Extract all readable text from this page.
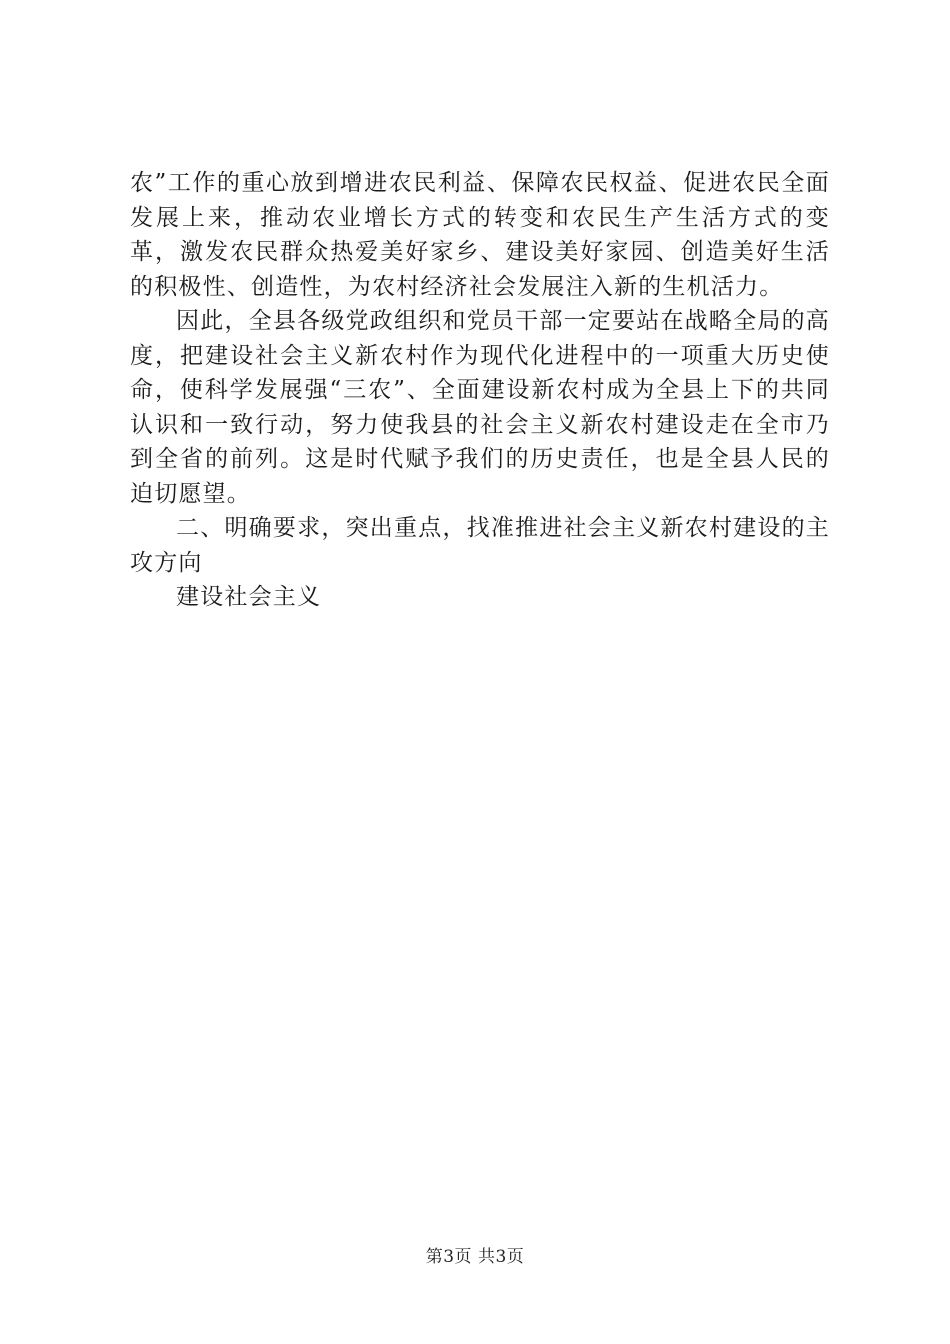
农”工作的重心放到增进农民利益、保障农民权益、促进农民全面发展上来，推动农业增长方式的转变和农民生产生活方式的变革，激发农民群众热爱美好家乡、建设美好家园、创造美好生活的积极性、创造性，为农村经济社会发展注入新的生机活力。

因此，全县各级党政组织和党员干部一定要站在战略全局的高度，把建设社会主义新农村作为现代化进程中的一项重大历史使命，使科学发展强“三农”、全面建设新农村成为全县上下的共同认识和一致行动，努力使我县的社会主义新农村建设走在全市乃到全省的前列。这是时代赋予我们的历史责任，也是全县人民的迫切愿望。

二、明确要求，突出重点，找准推进社会主义新农村建设的主攻方向

建设社会主义

第3页 共3页
